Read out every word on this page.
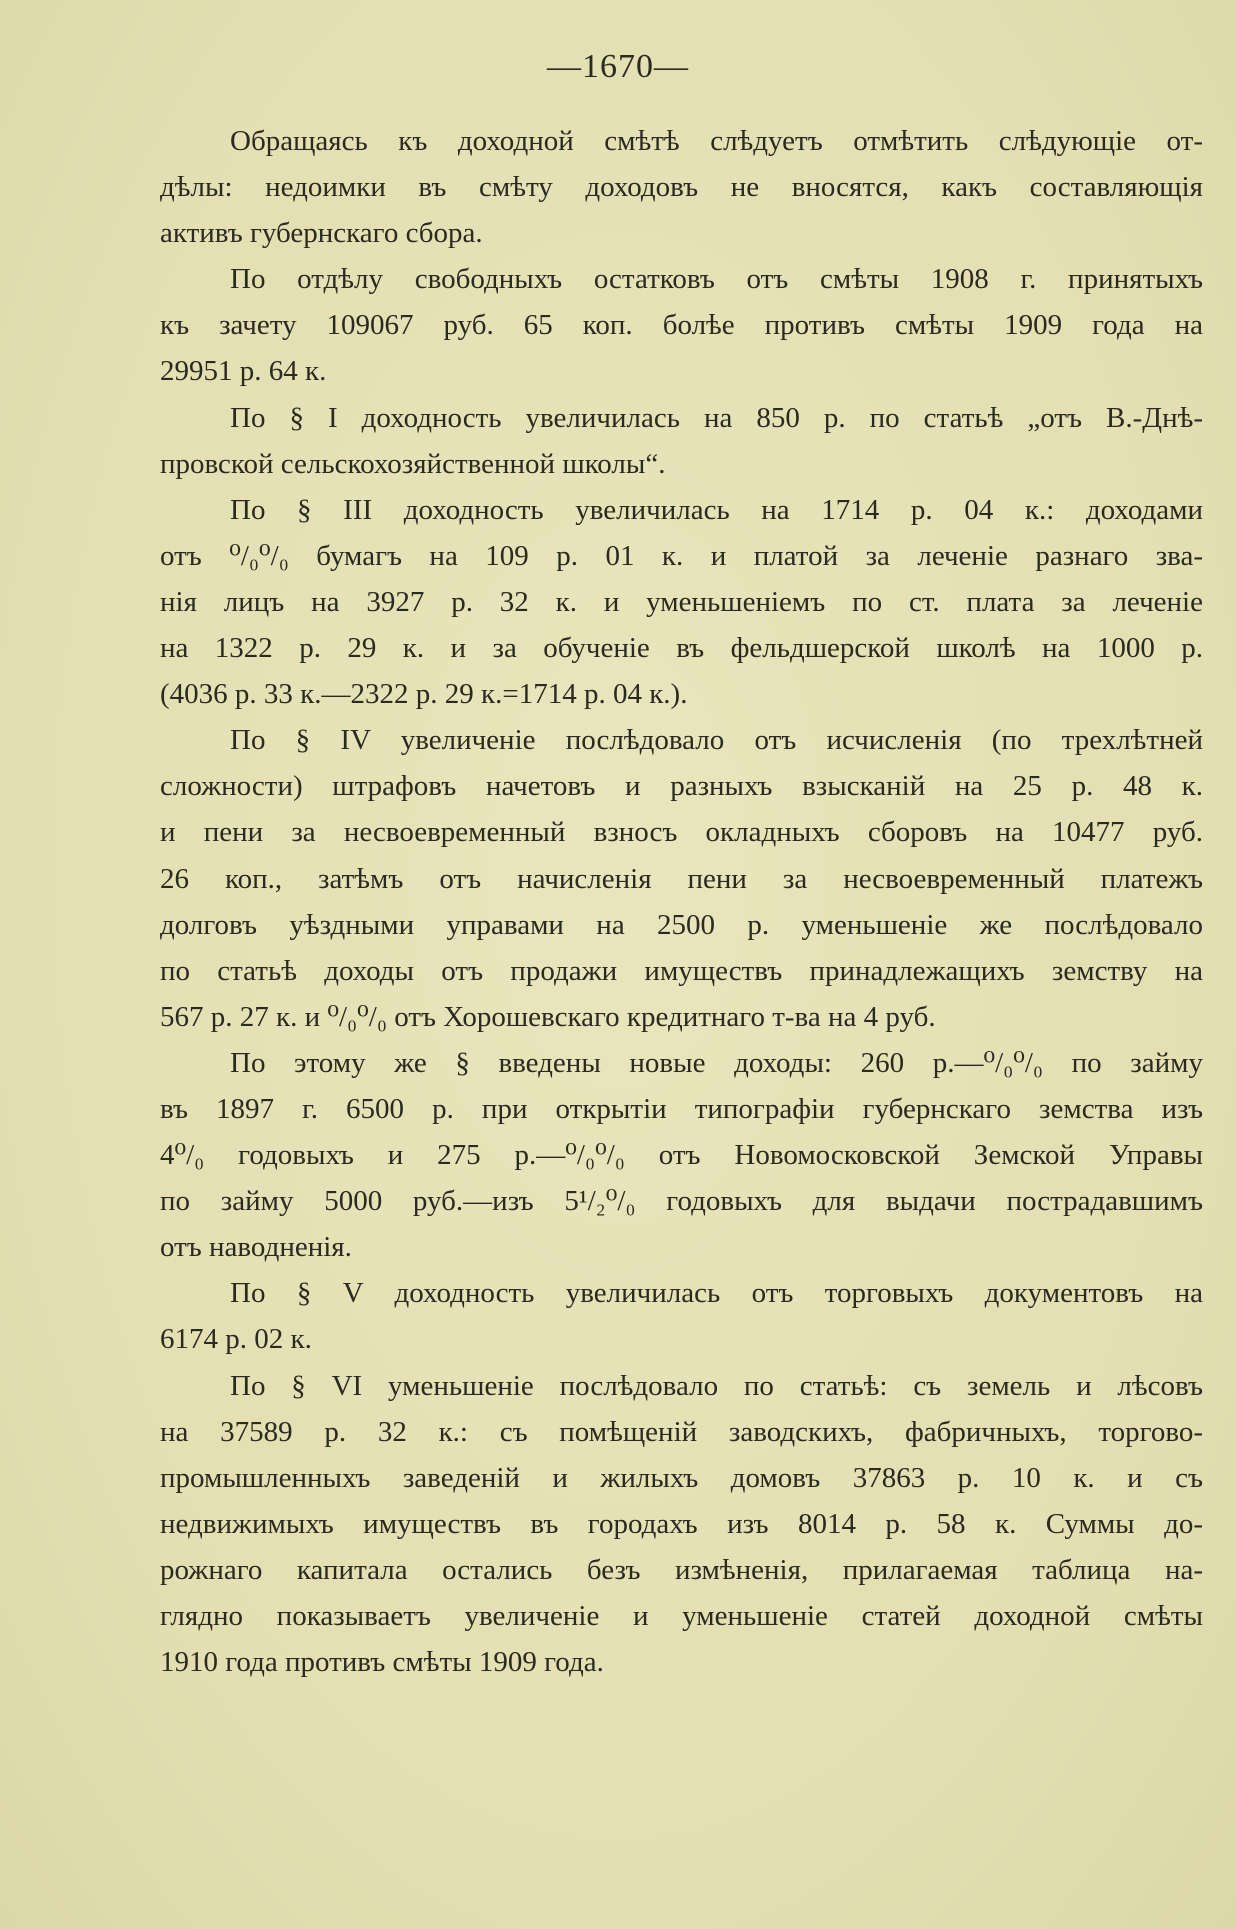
—1670—
Обращаясь къ доходной смѣтѣ слѣдуетъ отмѣтить слѣдующіе от-
дѣлы: недоимки въ смѣту доходовъ не вносятся, какъ составляющія
активъ губернскаго сбора.
По отдѣлу свободныхъ остатковъ отъ смѣты 1908 г. принятыхъ
къ зачету 109067 руб. 65 коп. болѣе противъ смѣты 1909 года на
29951 р. 64 к.
По § I доходность увеличилась на 850 р. по статьѣ „отъ В.-Днѣ-
провской сельскохозяйственной школы“.
По § III доходность увеличилась на 1714 р. 04 к.: доходами
отъ ⁰/₀⁰/₀ бумагъ на 109 р. 01 к. и платой за леченіе разнаго зва-
нія лицъ на 3927 р. 32 к. и уменьшеніемъ по ст. плата за леченіе
на 1322 р. 29 к. и за обученіе въ фельдшерской школѣ на 1000 р.
(4036 р. 33 к.—2322 р. 29 к.=1714 р. 04 к.).
По § IV увеличеніе послѣдовало отъ исчисленія (по трехлѣтней
сложности) штрафовъ начетовъ и разныхъ взысканій на 25 р. 48 к.
и пени за несвоевременный взносъ окладныхъ сборовъ на 10477 руб.
26 коп., затѣмъ отъ начисленія пени за несвоевременный платежъ
долговъ уѣздными управами на 2500 р. уменьшеніе же послѣдовало
по статьѣ доходы отъ продажи имуществъ принадлежащихъ земству на
567 р. 27 к. и ⁰/₀⁰/₀ отъ Хорошевскаго кредитнаго т-ва на 4 руб.
По этому же § введены новые доходы: 260 р.—⁰/₀⁰/₀ по займу
въ 1897 г. 6500 р. при открытіи типографіи губернскаго земства изъ
4⁰/₀ годовыхъ и 275 р.—⁰/₀⁰/₀ отъ Новомосковской Земской Управы
по займу 5000 руб.—изъ 5¹/₂⁰/₀ годовыхъ для выдачи пострадавшимъ
отъ наводненія.
По § V доходность увеличилась отъ торговыхъ документовъ на
6174 р. 02 к.
По § VI уменьшеніе послѣдовало по статьѣ: съ земель и лѣсовъ
на 37589 р. 32 к.: съ помѣщеній заводскихъ, фабричныхъ, торгово-
промышленныхъ заведеній и жилыхъ домовъ 37863 р. 10 к. и съ
недвижимыхъ имуществъ въ городахъ изъ 8014 р. 58 к. Суммы до-
рожнаго капитала остались безъ измѣненія, прилагаемая таблица на-
глядно показываетъ увеличеніе и уменьшеніе статей доходной смѣты
1910 года противъ смѣты 1909 года.
